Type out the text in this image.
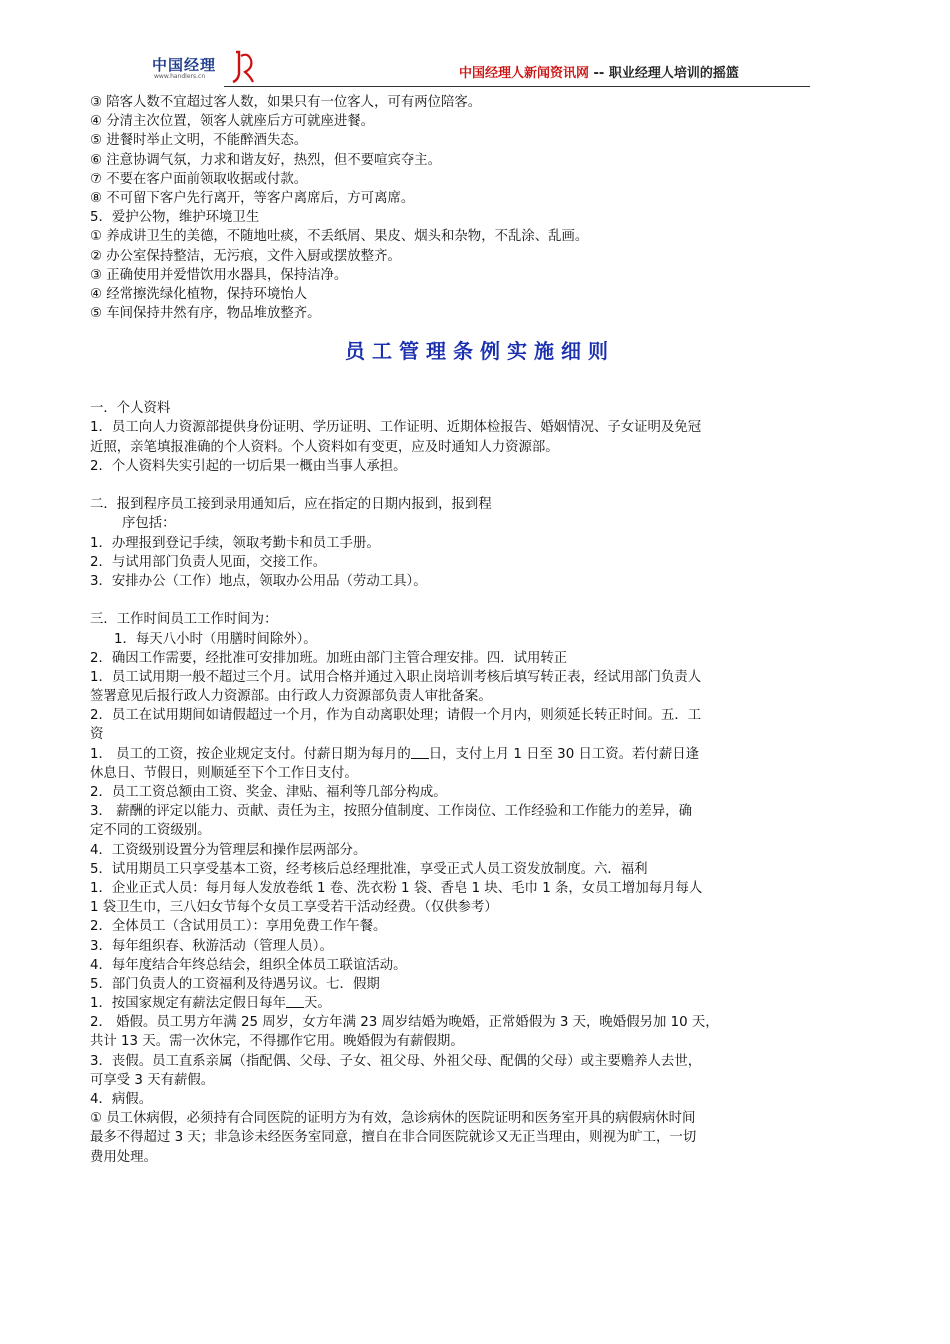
中国经理
www.handlers.cn	中国经理人新闻资讯网 -- 职业经理人培训的摇篮
③ 陪客人数不宜超过客人数，如果只有一位客人，可有两位陪客。
④ 分清主次位置，领客人就座后方可就座进餐。
⑤ 进餐时举止文明，不能醉酒失态。
⑥ 注意协调气氛，力求和谐友好，热烈，但不要喧宾夺主。
⑦ 不要在客户面前领取收据或付款。
⑧ 不可留下客户先行离开，等客户离席后，方可离席。
5．爱护公物，维护环境卫生
① 养成讲卫生的美德，不随地吐痰，不丢纸屑、果皮、烟头和杂物，不乱涂、乱画。
② 办公室保持整洁，无污痕，文件入厨或摆放整齐。
③ 正确使用并爱惜饮用水器具，保持洁净。
④ 经常擦洗绿化植物，保持环境怡人
⑤ 车间保持井然有序，物品堆放整齐。
员工管理条例实施细则
一．个人资料
1．员工向人力资源部提供身份证明、学历证明、工作证明、近期体检报告、婚姻情况、子女证明及免冠
近照，亲笔填报准确的个人资料。个人资料如有变更，应及时通知人力资源部。
2．个人资料失实引起的一切后果一概由当事人承担。
二．报到程序员工接到录用通知后，应在指定的日期内报到，报到程
序包括：
1．办理报到登记手续，领取考勤卡和员工手册。
2．与试用部门负责人见面，交接工作。
3．安排办公（工作）地点，领取办公用品（劳动工具）。
三．工作时间员工工作时间为：
1．每天八小时（用膳时间除外）。
2．确因工作需要，经批准可安排加班。加班由部门主管合理安排。四．试用转正
1．员工试用期一般不超过三个月。试用合格并通过入职止岗培训考核后填写转正表，经试用部门负责人
签署意见后报行政人力资源部。由行政人力资源部负责人审批备案。
2．员工在试用期间如请假超过一个月，作为自动离职处理；请假一个月内，则须延长转正时间。五．工
资
1． 员工的工资，按企业规定支付。付薪日期为每月的 日，支付上月 1 日至 30 日工资。若付薪日逢
休息日、节假日，则顺延至下个工作日支付。
2．员工工资总额由工资、奖金、津贴、福利等几部分构成。
3． 薪酬的评定以能力、贡献、责任为主，按照分值制度、工作岗位、工作经验和工作能力的差异，确
定不同的工资级别。
4．工资级别设置分为管理层和操作层两部分。
5．试用期员工只享受基本工资，经考核后总经理批准，享受正式人员工资发放制度。六．福利
1．企业正式人员：每月每人发放卷纸 1 卷、洗衣粉 1 袋、香皂 1 块、毛巾 1 条，女员工增加每月每人
1 袋卫生巾，三八妇女节每个女员工享受若干活动经费。（仅供参考）
2．全体员工（含试用员工）：享用免费工作午餐。
3．每年组织春、秋游活动（管理人员）。
4．每年度结合年终总结会，组织全体员工联谊活动。
5．部门负责人的工资福利及待遇另议。七．假期
1．按国家规定有薪法定假日每年 天。
2． 婚假。员工男方年满 25 周岁，女方年满 23 周岁结婚为晚婚，正常婚假为 3 天，晚婚假另加 10 天，
共计 13 天。需一次休完，不得挪作它用。晚婚假为有薪假期。
3．丧假。员工直系亲属（指配偶、父母、子女、祖父母、外祖父母、配偶的父母）或主要赡养人去世，
可享受 3 天有薪假。
4．病假。
① 员工休病假，必须持有合同医院的证明方为有效，急诊病休的医院证明和医务室开具的病假病休时间
最多不得超过 3 天；非急诊未经医务室同意，擅自在非合同医院就诊又无正当理由，则视为旷工，一切
费用处理。
